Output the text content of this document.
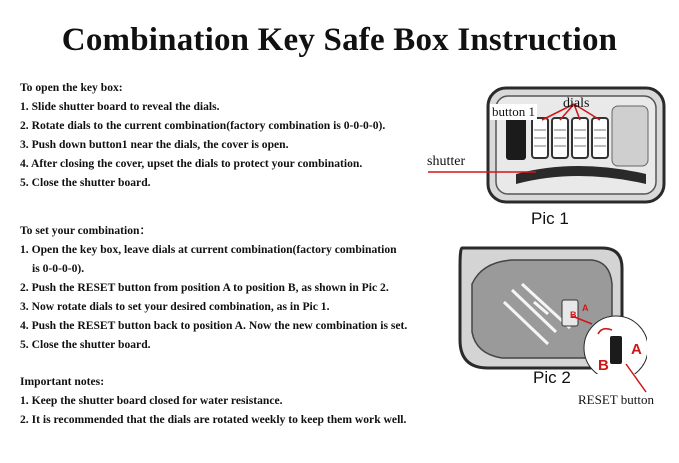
Combination Key Safe Box Instruction

To open the key box:

1. Slide shutter board to reveal the dials.

2. Rotate dials to the current combination(factory combination is 0-0-0-0).

3. Push down button1 near the dials, the cover is open.

4. After closing the cover, upset the dials to protect your combination.

5. Close the shutter board.

To set your combination：

1. Open the key box, leave dials at current combination(factory combination

is 0-0-0-0).

2. Push the RESET button from position A to position B, as shown in Pic 2.

3. Now rotate dials to set your desired combination, as in Pic 1.

4. Push the RESET button back to position A. Now the new combination is set.

5. Close the shutter board.

Important notes:

1. Keep the shutter board closed for water resistance.

2. It is recommended that the dials are rotated weekly to keep them work well.

button 1
dials
shutter
Pic 1
A
B
A
B
RESET button
Pic 2
